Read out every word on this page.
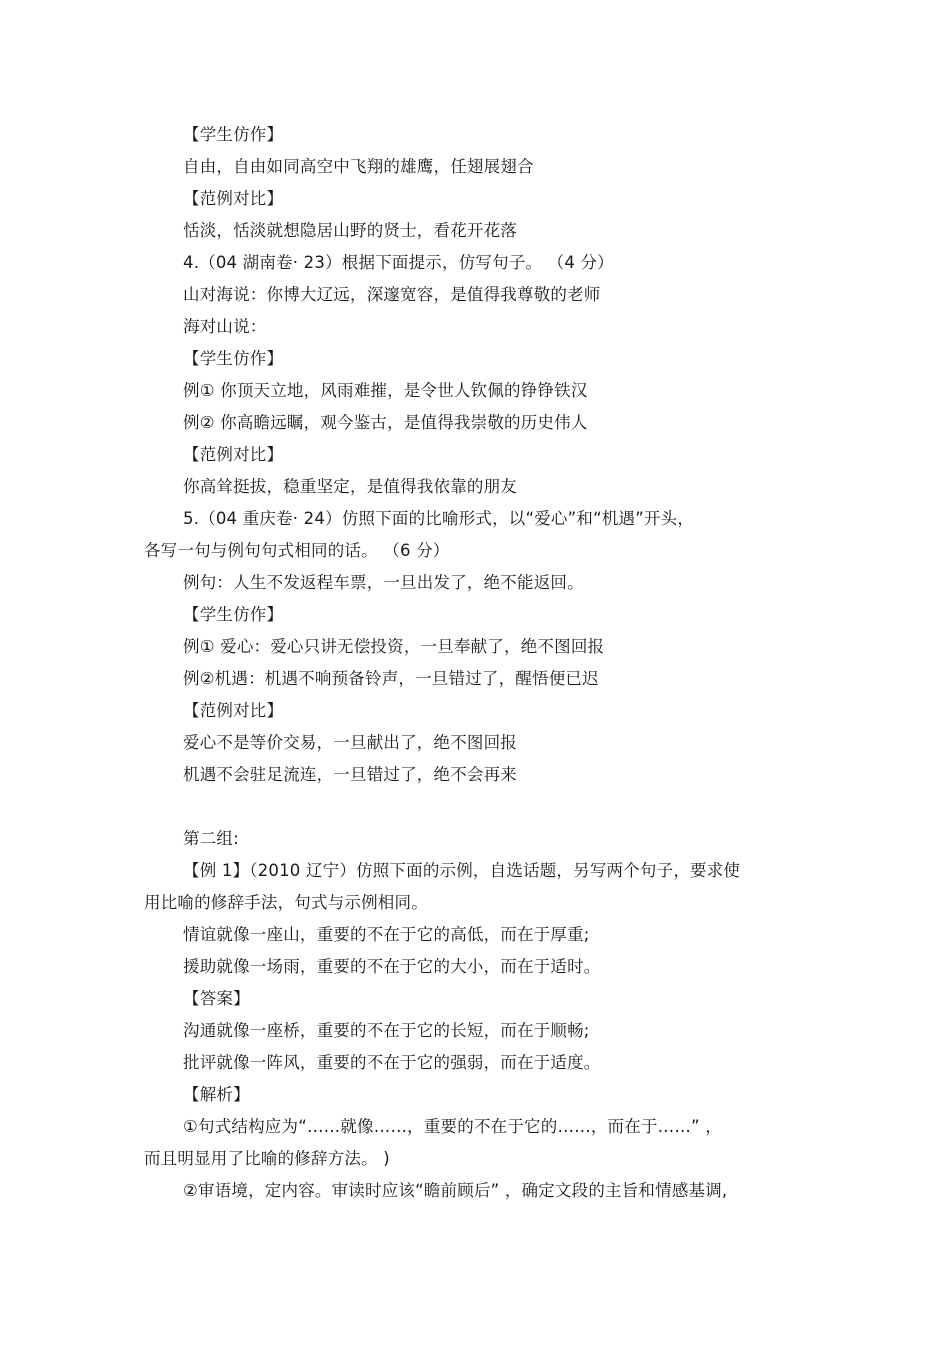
【学生仿作】
自由，自由如同高空中飞翔的雄鹰，任翅展翅合
【范例对比】
恬淡，恬淡就想隐居山野的贤士，看花开花落
4.（04 湖南卷· 23）根据下面提示，仿写句子。 （4 分）
山对海说：你博大辽远，深邃宽容，是值得我尊敬的老师
海对山说：
【学生仿作】
例① 你顶天立地，风雨难摧，是令世人钦佩的铮铮铁汉
例② 你高瞻远瞩，观今鉴古，是值得我崇敬的历史伟人
【范例对比】
你高耸挺拔，稳重坚定，是值得我依靠的朋友
5.（04 重庆卷· 24）仿照下面的比喻形式，以“爱心”和“机遇”开头，
各写一句与例句句式相同的话。 （6 分）
例句：人生不发返程车票，一旦出发了，绝不能返回。
【学生仿作】
例① 爱心：爱心只讲无偿投资，一旦奉献了，绝不图回报
例②机遇：机遇不响预备铃声，一旦错过了，醒悟便已迟
【范例对比】
爱心不是等价交易，一旦献出了，绝不图回报
机遇不会驻足流连，一旦错过了，绝不会再来
第二组:
【例 1】（2010 辽宁）仿照下面的示例，自选话题，另写两个句子，要求使
用比喻的修辞手法，句式与示例相同。
情谊就像一座山，重要的不在于它的高低，而在于厚重;
援助就像一场雨，重要的不在于它的大小，而在于适时。
【答案】
沟通就像一座桥，重要的不在于它的长短，而在于顺畅;
批评就像一阵风，重要的不在于它的强弱，而在于适度。
【解析】
①句式结构应为“……就像……，重要的不在于它的……，而在于……” ，
而且明显用了比喻的修辞方法。 )
②审语境，定内容。审读时应该“瞻前顾后” ，确定文段的主旨和情感基调,
